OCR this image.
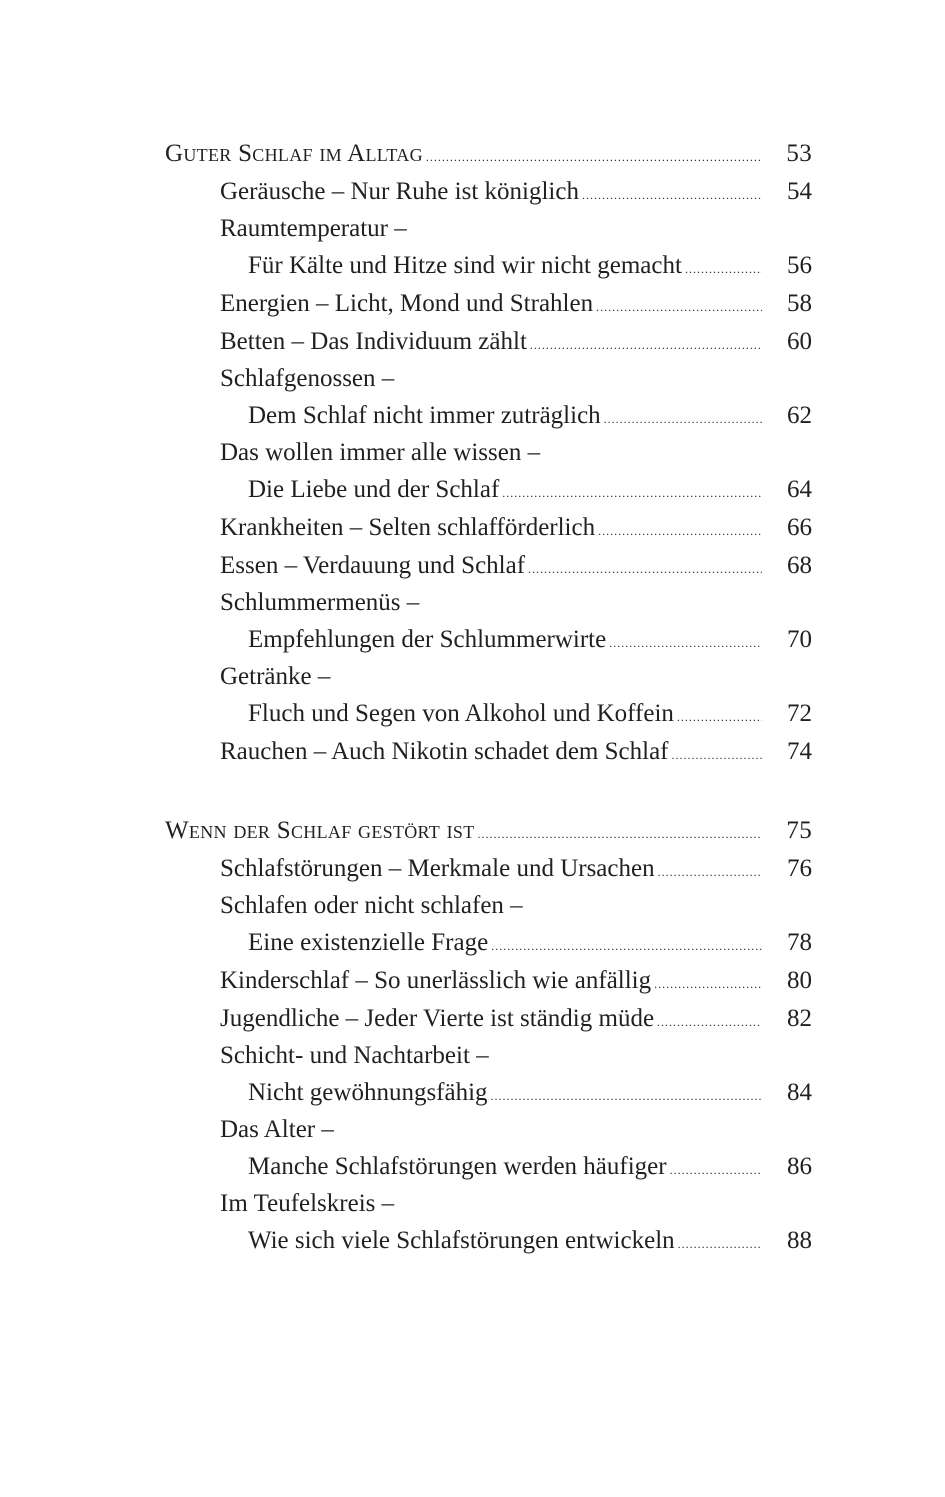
Guter Schlaf im Alltag .....	53
Geräusche – Nur Ruhe ist königlich .....	54
Raumtemperatur –
Für Kälte und Hitze sind wir nicht gemacht .....	56
Energien – Licht, Mond und Strahlen .....	58
Betten – Das Individuum zählt .....	60
Schlafgenossen –
Dem Schlaf nicht immer zuträglich .....	62
Das wollen immer alle wissen –
Die Liebe und der Schlaf .....	64
Krankheiten – Selten schlafförderlich .....	66
Essen – Verdauung und Schlaf .....	68
Schlummermenüs –
Empfehlungen der Schlummerwirte .....	70
Getränke –
Fluch und Segen von Alkohol und Koffein .....	72
Rauchen – Auch Nikotin schadet dem Schlaf .....	74
Wenn der Schlaf gestört ist .....	75
Schlafstörungen – Merkmale und Ursachen .....	76
Schlafen oder nicht schlafen –
Eine existenzielle Frage .....	78
Kinderschlaf – So unerlässlich wie anfällig .....	80
Jugendliche – Jeder Vierte ist ständig müde .....	82
Schicht- und Nachtarbeit –
Nicht gewöhnungsfähig .....	84
Das Alter –
Manche Schlafstörungen werden häufiger .....	86
Im Teufelskreis –
Wie sich viele Schlafstörungen entwickeln .....	88
